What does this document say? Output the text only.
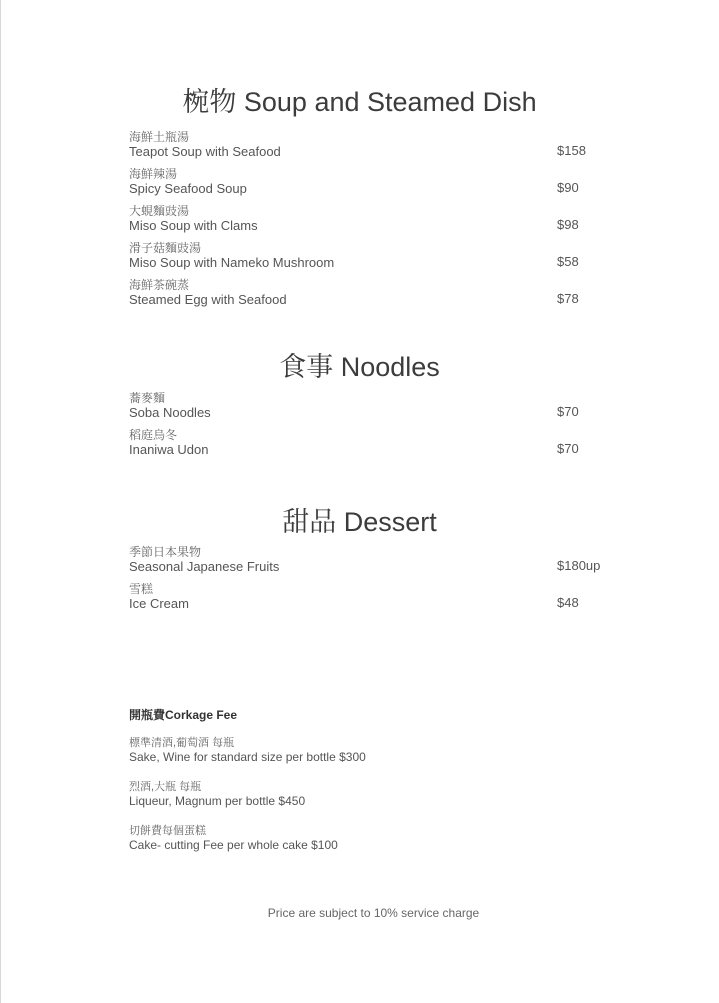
椀物 Soup and Steamed Dish
海鮮土瓶湯
Teapot Soup with Seafood	$158
海鮮辣湯
Spicy Seafood Soup	$90
大蜆麵豉湯
Miso Soup with Clams	$98
滑子菇麵豉湯
Miso Soup with Nameko Mushroom	$58
海鮮茶碗蒸
Steamed Egg with Seafood	$78
食事 Noodles
蕎麥麵
Soba Noodles	$70
稻庭烏冬
Inaniwa Udon	$70
甜品 Dessert
季節日本果物
Seasonal Japanese Fruits	$180up
雪糕
Ice Cream	$48
開瓶費Corkage Fee
標準清酒,葡萄酒 每瓶
Sake, Wine for standard size per bottle $300
烈酒,大瓶 每瓶
Liqueur, Magnum per bottle $450
切餅費每個蛋糕
Cake- cutting Fee per whole cake $100
Price are subject to 10% service charge
